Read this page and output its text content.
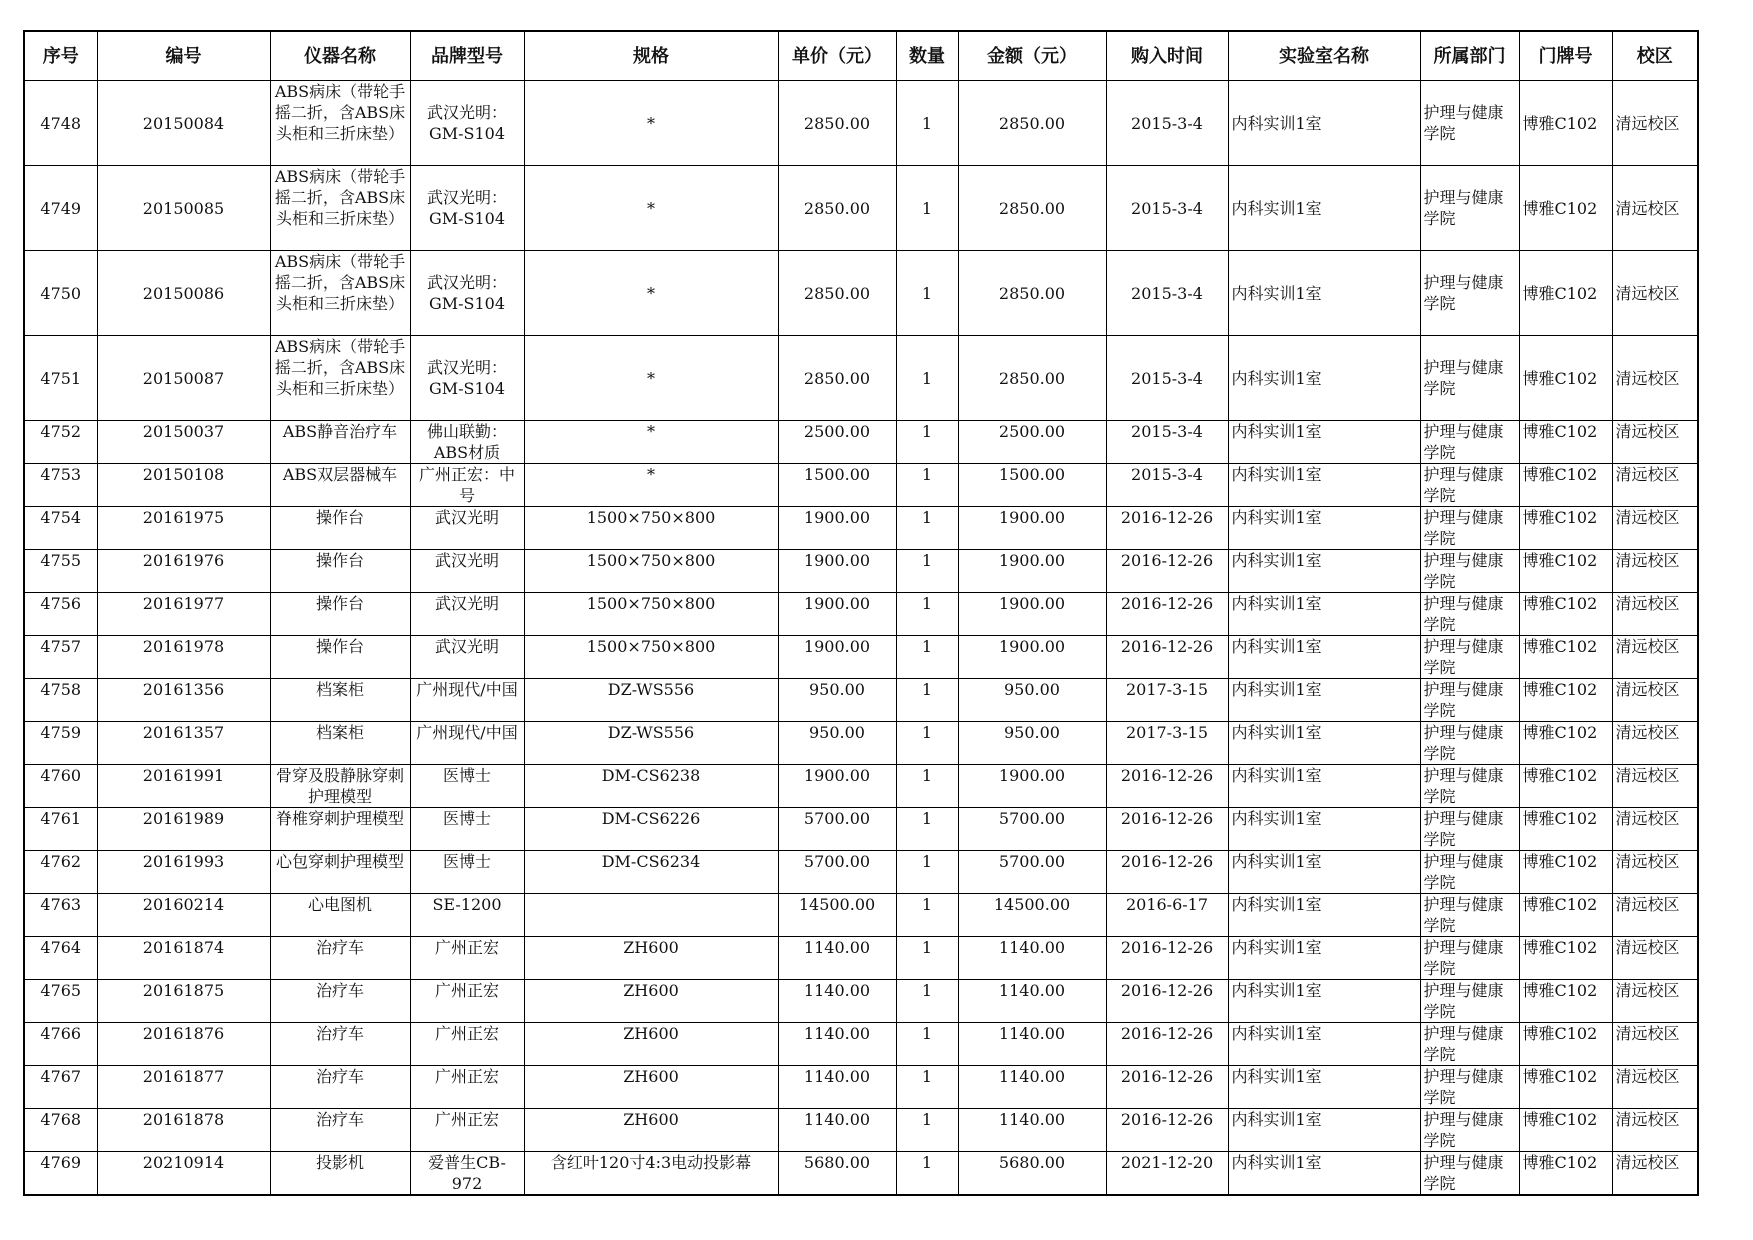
序号	编号	仪器名称	品牌型号	规格	单价（元）	数量	金额（元）	购入时间	实验室名称	所属部门	门牌号	校区

4748	20150084	ABS病床（带轮手摇二折，含ABS床头柜和三折床垫）	武汉光明：GM-S104	*	2850.00	1	2850.00	2015-3-4	内科实训1室	护理与健康学院	博雅C102	清远校区

4749	20150085	ABS病床（带轮手摇二折，含ABS床头柜和三折床垫）	武汉光明：GM-S104	*	2850.00	1	2850.00	2015-3-4	内科实训1室	护理与健康学院	博雅C102	清远校区

4750	20150086	ABS病床（带轮手摇二折，含ABS床头柜和三折床垫）	武汉光明：GM-S104	*	2850.00	1	2850.00	2015-3-4	内科实训1室	护理与健康学院	博雅C102	清远校区

4751	20150087	ABS病床（带轮手摇二折，含ABS床头柜和三折床垫）	武汉光明：GM-S104	*	2850.00	1	2850.00	2015-3-4	内科实训1室	护理与健康学院	博雅C102	清远校区

4752	20150037	ABS静音治疗车	佛山联勤：ABS材质	*	2500.00	1	2500.00	2015-3-4	内科实训1室	护理与健康学院	博雅C102	清远校区

4753	20150108	ABS双层器械车	广州正宏：中号	*	1500.00	1	1500.00	2015-3-4	内科实训1室	护理与健康学院	博雅C102	清远校区

4754	20161975	操作台	武汉光明	1500×750×800	1900.00	1	1900.00	2016-12-26	内科实训1室	护理与健康学院	博雅C102	清远校区

4755	20161976	操作台	武汉光明	1500×750×800	1900.00	1	1900.00	2016-12-26	内科实训1室	护理与健康学院	博雅C102	清远校区

4756	20161977	操作台	武汉光明	1500×750×800	1900.00	1	1900.00	2016-12-26	内科实训1室	护理与健康学院	博雅C102	清远校区

4757	20161978	操作台	武汉光明	1500×750×800	1900.00	1	1900.00	2016-12-26	内科实训1室	护理与健康学院	博雅C102	清远校区

4758	20161356	档案柜	广州现代/中国	DZ-WS556	950.00	1	950.00	2017-3-15	内科实训1室	护理与健康学院	博雅C102	清远校区

4759	20161357	档案柜	广州现代/中国	DZ-WS556	950.00	1	950.00	2017-3-15	内科实训1室	护理与健康学院	博雅C102	清远校区

4760	20161991	骨穿及股静脉穿刺护理模型	医博士	DM-CS6238	1900.00	1	1900.00	2016-12-26	内科实训1室	护理与健康学院	博雅C102	清远校区

4761	20161989	脊椎穿刺护理模型	医博士	DM-CS6226	5700.00	1	5700.00	2016-12-26	内科实训1室	护理与健康学院	博雅C102	清远校区

4762	20161993	心包穿刺护理模型	医博士	DM-CS6234	5700.00	1	5700.00	2016-12-26	内科实训1室	护理与健康学院	博雅C102	清远校区

4763	20160214	心电图机	SE-1200		14500.00	1	14500.00	2016-6-17	内科实训1室	护理与健康学院	博雅C102	清远校区

4764	20161874	治疗车	广州正宏	ZH600	1140.00	1	1140.00	2016-12-26	内科实训1室	护理与健康学院	博雅C102	清远校区

4765	20161875	治疗车	广州正宏	ZH600	1140.00	1	1140.00	2016-12-26	内科实训1室	护理与健康学院	博雅C102	清远校区

4766	20161876	治疗车	广州正宏	ZH600	1140.00	1	1140.00	2016-12-26	内科实训1室	护理与健康学院	博雅C102	清远校区

4767	20161877	治疗车	广州正宏	ZH600	1140.00	1	1140.00	2016-12-26	内科实训1室	护理与健康学院	博雅C102	清远校区

4768	20161878	治疗车	广州正宏	ZH600	1140.00	1	1140.00	2016-12-26	内科实训1室	护理与健康学院	博雅C102	清远校区

4769	20210914	投影机	爱普生CB-972	含红叶120寸4:3电动投影幕	5680.00	1	5680.00	2021-12-20	内科实训1室	护理与健康学院	博雅C102	清远校区
